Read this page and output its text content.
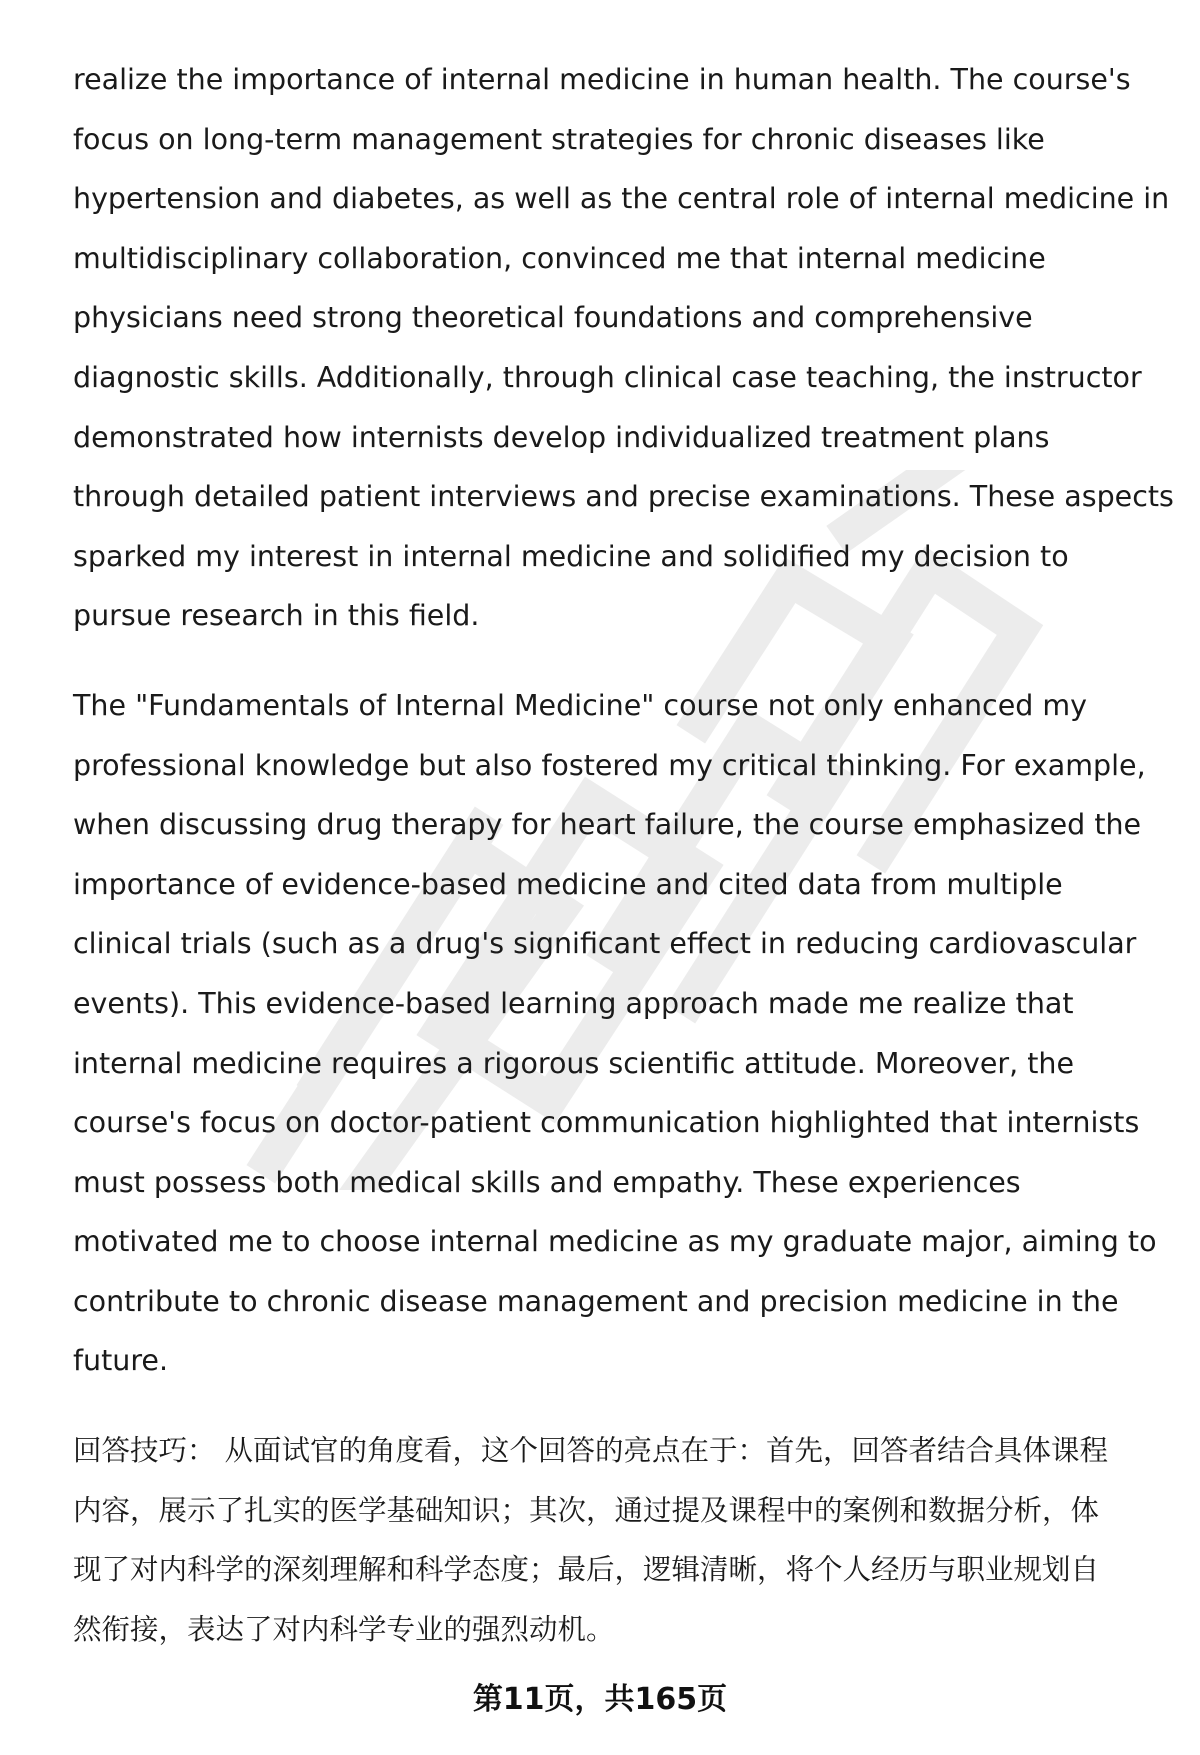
realize the importance of internal medicine in human health. The course's
focus on long-term management strategies for chronic diseases like
hypertension and diabetes, as well as the central role of internal medicine in
multidisciplinary collaboration, convinced me that internal medicine
physicians need strong theoretical foundations and comprehensive
diagnostic skills. Additionally, through clinical case teaching, the instructor
demonstrated how internists develop individualized treatment plans
through detailed patient interviews and precise examinations. These aspects
sparked my interest in internal medicine and solidified my decision to
pursue research in this field.
The "Fundamentals of Internal Medicine" course not only enhanced my
professional knowledge but also fostered my critical thinking. For example,
when discussing drug therapy for heart failure, the course emphasized the
importance of evidence-based medicine and cited data from multiple
clinical trials (such as a drug's significant effect in reducing cardiovascular
events). This evidence-based learning approach made me realize that
internal medicine requires a rigorous scientific attitude. Moreover, the
course's focus on doctor-patient communication highlighted that internists
must possess both medical skills and empathy. These experiences
motivated me to choose internal medicine as my graduate major, aiming to
contribute to chronic disease management and precision medicine in the
future.
回答技巧： 从面试官的角度看，这个回答的亮点在于：首先，回答者结合具体课程
内容，展示了扎实的医学基础知识；其次，通过提及课程中的案例和数据分析，体
现了对内科学的深刻理解和科学态度；最后，逻辑清晰，将个人经历与职业规划自
然衔接，表达了对内科学专业的强烈动机。
第11页，共165页
